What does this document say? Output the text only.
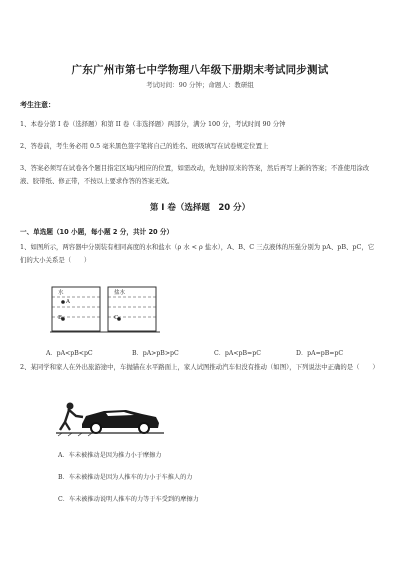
广东广州市第七中学物理八年级下册期末考试同步测试
考试时间：90 分钟；命题人：教研组
考生注意：
1、本卷分第 I 卷（选择题）和第 II 卷（非选择题）两部分，满分 100 分，考试时间 90 分钟
2、答卷前，考生务必用 0.5 毫米黑色签字笔将自己的姓名、班级填写在试卷规定位置上
3、答案必须写在试卷各个题目指定区域内相应的位置，如需改动，先划掉原来的答案，然后再写上新的答案；不准使用涂改液、胶带纸、修正带，不按以上要求作答的答案无效。
第 I 卷（选择题　20 分）
一、单选题（10 小题，每小题 2 分，共计 20 分）
1、如图所示，两容器中分别装有相同高度的水和盐水（ρ 水 < ρ 盐水），A、B、C 三点液体的压强分别为 pA、pB、pC，它们的大小关系是（　　）
水	盐水
A
B	C
A．pA<pB<pC	B．pA>pB>pC	C．pA<pB=pC	D．pA=pB=pC
2、某同学和家人在外出旅游途中，车抛锚在水平路面上，家人试图推动汽车但没有推动（如图），下列说法中正确的是（　　）
A．车未被推动是因为推力小于摩擦力
B．车未被推动是因为人推车的力小于车推人的力
C．车未被推动说明人推车的力等于车受到的摩擦力
